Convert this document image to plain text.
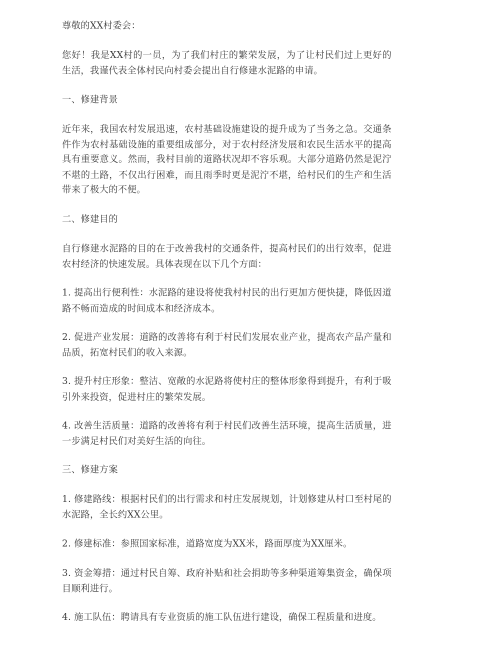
尊敬的XX村委会：

您好！我是XX村的一员，为了我们村庄的繁荣发展，为了让村民们过上更好的生活，我谨代表全体村民向村委会提出自行修建水泥路的申请。

一、修建背景

近年来，我国农村发展迅速，农村基础设施建设的提升成为了当务之急。交通条件作为农村基础设施的重要组成部分，对于农村经济发展和农民生活水平的提高具有重要意义。然而，我村目前的道路状况却不容乐观。大部分道路仍然是泥泞不堪的土路，不仅出行困难，而且雨季时更是泥泞不堪，给村民们的生产和生活带来了极大的不便。

二、修建目的

自行修建水泥路的目的在于改善我村的交通条件，提高村民们的出行效率，促进农村经济的快速发展。具体表现在以下几个方面：

1. 提高出行便利性：水泥路的建设将使我村村民的出行更加方便快捷，降低因道路不畅而造成的时间成本和经济成本。

2. 促进产业发展：道路的改善将有利于村民们发展农业产业，提高农产品产量和品质，拓宽村民们的收入来源。

3. 提升村庄形象：整洁、宽敞的水泥路将使村庄的整体形象得到提升，有利于吸引外来投资，促进村庄的繁荣发展。

4. 改善生活质量：道路的改善将有利于村民们改善生活环境，提高生活质量，进一步满足村民们对美好生活的向往。

三、修建方案

1. 修建路线：根据村民们的出行需求和村庄发展规划，计划修建从村口至村尾的水泥路，全长约XX公里。

2. 修建标准：参照国家标准，道路宽度为XX米，路面厚度为XX厘米。

3. 资金筹措：通过村民自筹、政府补贴和社会捐助等多种渠道筹集资金，确保项目顺利进行。

4. 施工队伍：聘请具有专业资质的施工队伍进行建设，确保工程质量和进度。
